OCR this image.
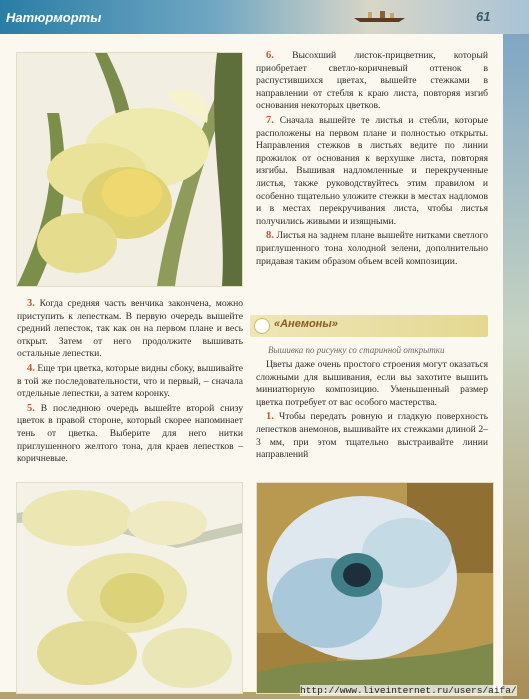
Натюрморты	61

3. Когда средняя часть венчика закончена, можно приступить к лепесткам. В первую очередь вышейте средний лепесток, так как он на первом плане и весь открыт. Затем от него продолжите вышивать остальные лепестки.

4. Еще три цветка, которые видны сбоку, вышивайте в той же последовательности, что и первый, – сначала отдельные лепестки, а затем коронку.

5. В последнюю очередь вышейте второй снизу цветок в правой стороне, который скорее напоминает тень от цветка. Выберите для него нитки приглушенного желтого тона, для краев лепестков – коричневые.

6. Высохший листок-прицветник, который приобретает светло-коричневый оттенок в распустившихся цветах, вышейте стежками в направлении от стебля к краю листа, повторяя изгиб основания некоторых цветков.

7. Сначала вышейте те листья и стебли, которые расположены на первом плане и полностью открыты. Направления стежков в листьях ведите по линии прожилок от основания к верхушке листа, повторяя изгибы. Вышивая надломленные и перекрученные листья, также руководствуйтесь этим правилом и особенно тщательно уложите стежки в местах надломов и в местах перекручивания листа, чтобы листья получились живыми и изящными.

8. Листья на заднем плане вышейте нитками светлого приглушенного тона холодной зелени, дополнительно придавая таким образом объем всей композиции.

«Анемоны»
Вышивка по рисунку со старинной открытки

Цветы даже очень простого строения могут оказаться сложными для вышивания, если вы захотите вышить миниатюрную композицию. Уменьшенный размер цветка потребует от вас особого мастерства.

1. Чтобы передать ровную и гладкую поверхность лепестков анемонов, вышивайте их стежками длиной 2–3 мм, при этом тщательно выстраивайте линии направлений

http://www.liveinternet.ru/users/aifa/
